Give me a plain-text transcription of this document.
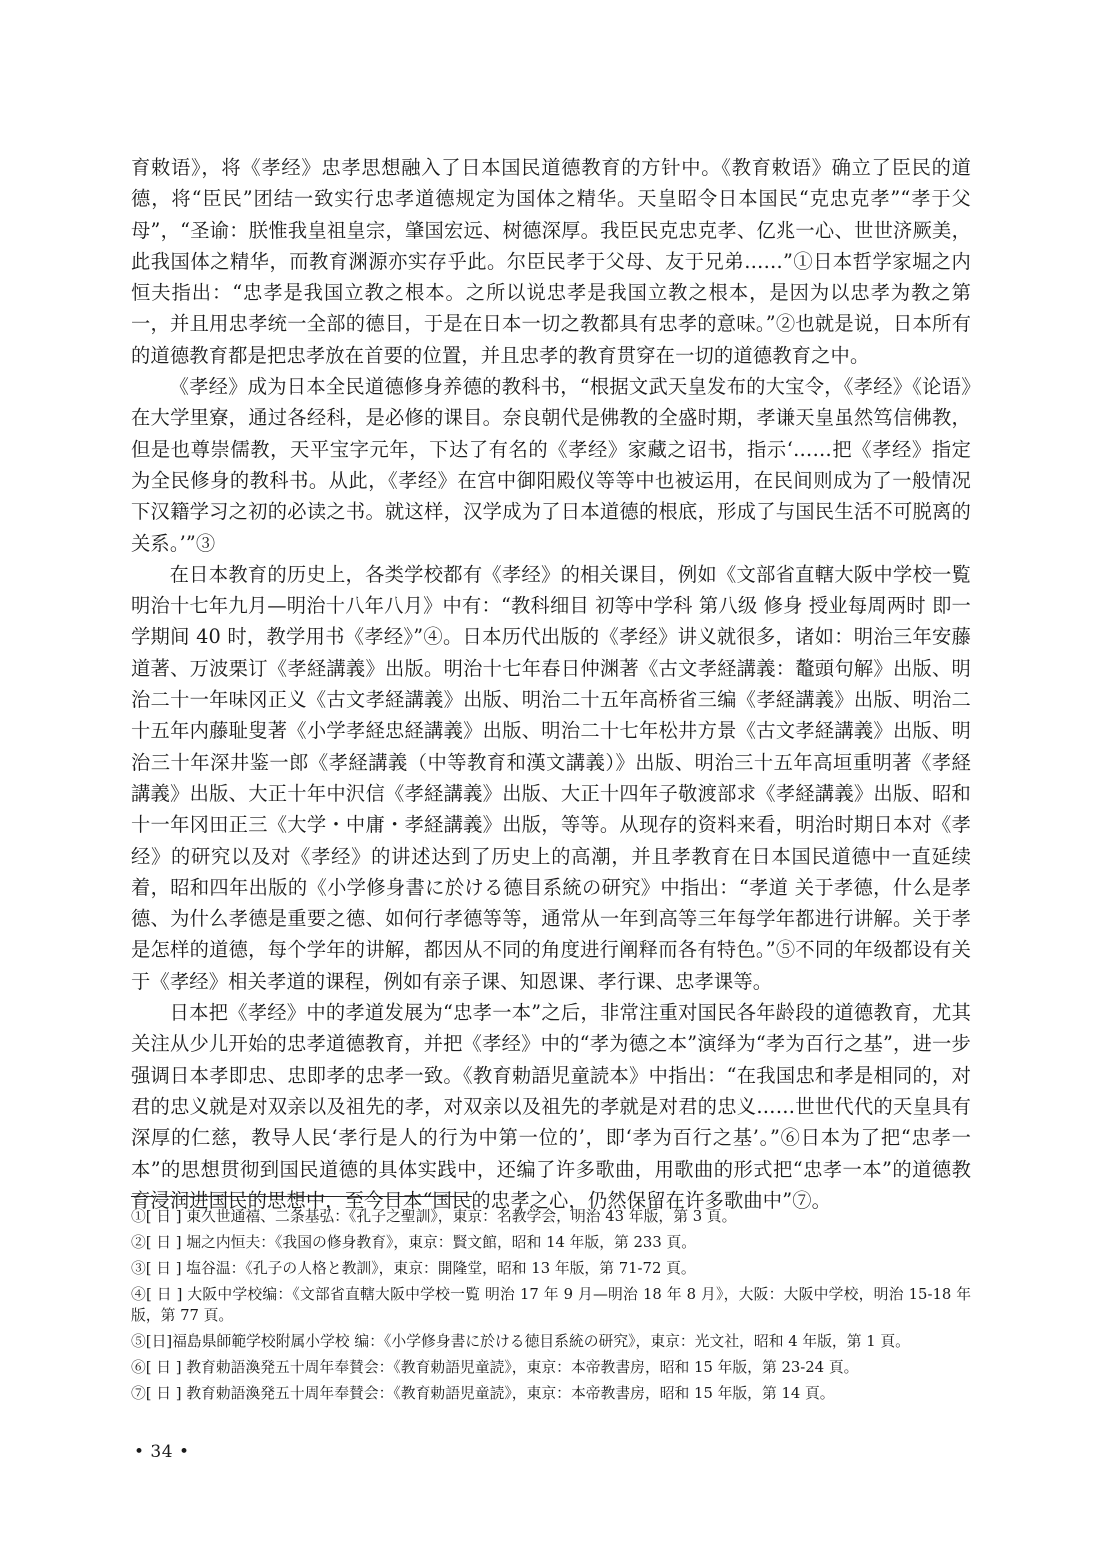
育敕语》，将《孝经》忠孝思想融入了日本国民道德教育的方针中。《教育敕语》确立了臣民的道德，将“臣民”团结一致实行忠孝道德规定为国体之精华。天皇昭令日本国民“克忠克孝”“孝于父母”，“圣谕：朕惟我皇祖皇宗，肇国宏远、树德深厚。我臣民克忠克孝、亿兆一心、世世济厥美，此我国体之精华，而教育渊源亦实存乎此。尔臣民孝于父母、友于兄弟……”①日本哲学家堀之内恒夫指出：“忠孝是我国立教之根本。之所以说忠孝是我国立教之根本，是因为以忠孝为教之第一，并且用忠孝统一全部的德目，于是在日本一切之教都具有忠孝的意味。”②也就是说，日本所有的道德教育都是把忠孝放在首要的位置，并且忠孝的教育贯穿在一切的道德教育之中。

《孝经》成为日本全民道德修身养德的教科书，“根据文武天皇发布的大宝令，《孝经》《论语》在大学里寮，通过各经科，是必修的课目。奈良朝代是佛教的全盛时期，孝谦天皇虽然笃信佛教，但是也尊崇儒教，天平宝字元年，下达了有名的《孝经》家藏之诏书，指示‘……把《孝经》指定为全民修身的教科书。从此，《孝经》在宫中御阳殿仪等等中也被运用，在民间则成为了一般情况下汉籍学习之初的必读之书。就这样，汉学成为了日本道德的根底，形成了与国民生活不可脱离的关系。’”③

在日本教育的历史上，各类学校都有《孝经》的相关课目，例如《文部省直轄大阪中学校一覧 明治十七年九月—明治十八年八月》中有：“教科细目 初等中学科 第八级 修身 授业每周两时 即一学期间 40 时，教学用书《孝经》”④。日本历代出版的《孝经》讲义就很多，诸如：明治三年安藤道著、万波栗订《孝経講義》出版。明治十七年春日仲渊著《古文孝経講義：鼇頭句解》出版、明治二十一年味冈正义《古文孝経講義》出版、明治二十五年高桥省三编《孝経講義》出版、明治二十五年内藤耻叟著《小学孝経忠経講義》出版、明治二十七年松井方景《古文孝経講義》出版、明治三十年深井鉴一郎《孝経講義（中等教育和漢文講義）》出版、明治三十五年高垣重明著《孝経講義》出版、大正十年中沢信《孝経講義》出版、大正十四年子敬渡部求《孝経講義》出版、昭和十一年冈田正三《大学・中庸・孝経講義》出版，等等。从现存的资料来看，明治时期日本对《孝经》的研究以及对《孝经》的讲述达到了历史上的高潮，并且孝教育在日本国民道德中一直延续着，昭和四年出版的《小学修身書に於ける德目系統の研究》中指出：“孝道 关于孝德，什么是孝德、为什么孝德是重要之德、如何行孝德等等，通常从一年到高等三年每学年都进行讲解。关于孝是怎样的道德，每个学年的讲解，都因从不同的角度进行阐释而各有特色。”⑤不同的年级都设有关于《孝经》相关孝道的课程，例如有亲子课、知恩课、孝行课、忠孝课等。

日本把《孝经》中的孝道发展为“忠孝一本”之后，非常注重对国民各年龄段的道德教育，尤其关注从少儿开始的忠孝道德教育，并把《孝经》中的“孝为德之本”演绎为“孝为百行之基”，进一步强调日本孝即忠、忠即孝的忠孝一致。《教育勅語児童読本》中指出：“在我国忠和孝是相同的，对君的忠义就是对双亲以及祖先的孝，对双亲以及祖先的孝就是对君的忠义……世世代代的天皇具有深厚的仁慈，教导人民‘孝行是人的行为中第一位的’，即‘孝为百行之基’。”⑥日本为了把“忠孝一本”的思想贯彻到国民道德的具体实践中，还编了许多歌曲，用歌曲的形式把“忠孝一本”的道德教育浸润进国民的思想中，至今日本“国民的忠孝之心，仍然保留在许多歌曲中”⑦。

①[ 日 ] 東久世通禧、二条基弘：《孔子之聖訓》，東京：名教学会，明治 43 年版，第 3 頁。

②[ 日 ] 堀之内恒夫：《我国の修身教育》，東京：賢文館，昭和 14 年版，第 233 頁。

③[ 日 ] 塩谷温：《孔子の人格と教訓》，東京：開隆堂，昭和 13 年版，第 71-72 頁。

④[ 日 ] 大阪中学校编：《文部省直轄大阪中学校一覧 明治 17 年 9 月—明治 18 年 8 月》，大阪：大阪中学校，明治 15-18 年版，第 77 頁。

⑤[日]福島県師範学校附属小学校 编：《小学修身書に於ける徳目系統の研究》，東京：光文社，昭和 4 年版，第 1 頁。

⑥[ 日 ] 教育勅語渙発五十周年奉賛会：《教育勅語児童読》，東京：本帝教書房，昭和 15 年版，第 23-24 頁。

⑦[ 日 ] 教育勅語渙発五十周年奉賛会：《教育勅語児童読》，東京：本帝教書房，昭和 15 年版，第 14 頁。

• 34 •
